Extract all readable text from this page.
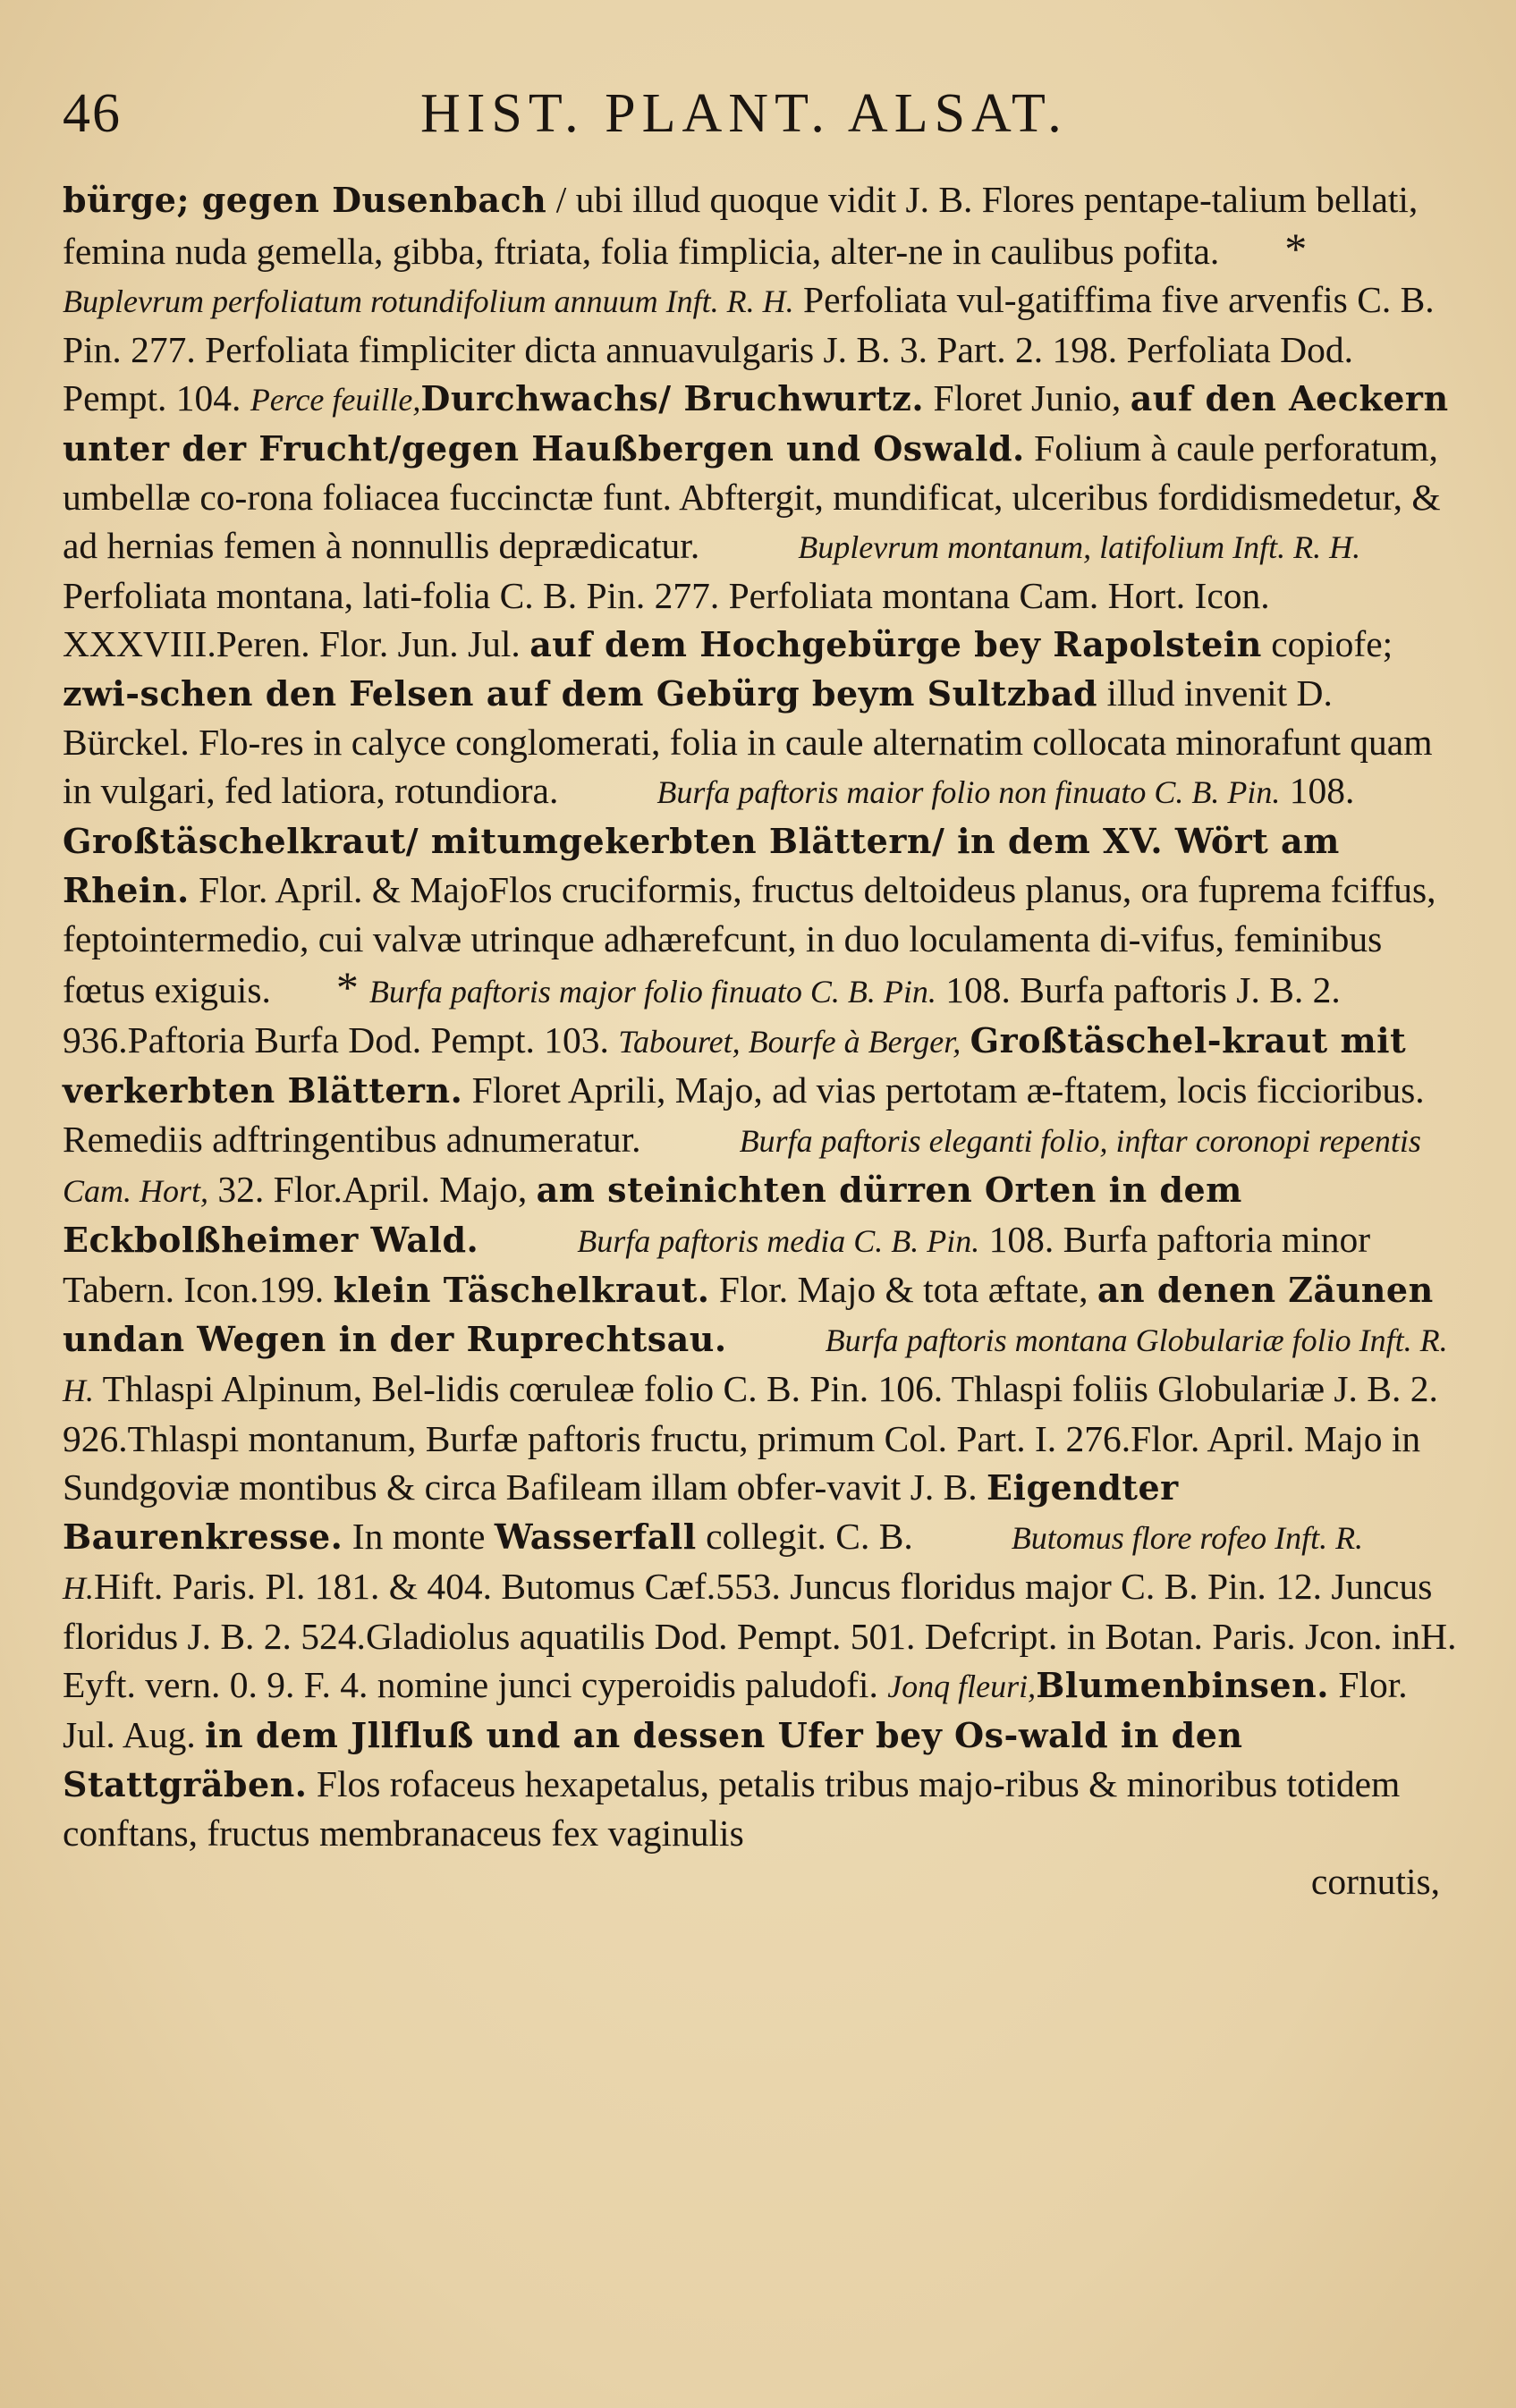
46	HIST. PLANT. ALSAT.
bürge; gegen Dusenbach / ubi illud quoque vidit J. B. Flores pentape-talium bellati, femina nuda gemella, gibba, ftriata, folia fimplicia, alter-ne in caulibus pofita. *Buplevrum perfoliatum rotundifolium annuum Inft. R. H. Perfoliata vul-gatiffima five arvenfis C. B. Pin. 277. Perfoliata fimpliciter dicta annuavulgaris J. B. 3. Part. 2. 198. Perfoliata Dod. Pempt. 104. Perce feuille,Durchwachs/ Bruchwurtz. Floret Junio, auf den Aeckern unter der Frucht/gegen Haußbergen und Oswald. Folium à caule perforatum, umbellæ co-rona foliacea fuccinctæ funt. Abftergit, mundificat, ulceribus fordidismedetur, & ad hernias femen à nonnullis deprædicatur.	Buplevrum montanum, latifolium Inft. R. H. Perfoliata montana, lati-folia C. B. Pin. 277. Perfoliata montana Cam. Hort. Icon. XXXVIII.Peren. Flor. Jun. Jul. auf dem Hochgebürge bey Rapolstein copiofe; zwi-schen den Felsen auf dem Gebürg beym Sultzbad illud invenit D. Bürckel. Flo-res in calyce conglomerati, folia in caule alternatim collocata minorafunt quam in vulgari, fed latiora, rotundiora.	Burfa paftoris maior folio non finuato C. B. Pin. 108. Großtäschelkraut/ mitumgekerbten Blättern/ in dem XV. Wört am Rhein. Flor. April. & MajoFlos cruciformis, fructus deltoideus planus, ora fuprema fciffus, feptointermedio, cui valvæ utrinque adhærefcunt, in duo loculamenta di-vifus, feminibus fœtus exiguis. * Burfa paftoris major folio finuato C. B. Pin. 108. Burfa paftoris J. B. 2. 936.Paftoria Burfa Dod. Pempt. 103. Tabouret, Bourfe à Berger, Großtäschel-kraut mit verkerbten Blättern. Floret Aprili, Majo, ad vias pertotam æ-ftatem, locis ficcioribus. Remediis adftringentibus adnumeratur.	Burfa paftoris eleganti folio, inftar coronopi repentis Cam. Hort, 32. Flor.April. Majo, am steinichten dürren Orten in dem Eckbolßheimer Wald.	Burfa paftoris media C. B. Pin. 108. Burfa paftoria minor Tabern. Icon.199. klein Täschelkraut. Flor. Majo & tota æftate, an denen Zäunen undan Wegen in der Ruprechtsau.	Burfa paftoris montana Globulariæ folio Inft. R. H. Thlaspi Alpinum, Bel-lidis cœruleæ folio C. B. Pin. 106. Thlaspi foliis Globulariæ J. B. 2. 926.Thlaspi montanum, Burfæ paftoris fructu, primum Col. Part. I. 276.Flor. April. Majo in Sundgoviæ montibus & circa Bafileam illam obfer-vavit J. B. Eigendter Baurenkresse. In monte Wasserfall collegit. C. B.	Butomus flore rofeo Inft. R. H.Hift. Paris. Pl. 181. & 404. Butomus Cæf.553. Juncus floridus major C. B. Pin. 12. Juncus floridus J. B. 2. 524.Gladiolus aquatilis Dod. Pempt. 501. Defcript. in Botan. Paris. Jcon. inH. Eyft. vern. 0. 9. F. 4. nomine junci cyperoidis paludofi. Jonq fleuri,Blumenbinsen. Flor. Jul. Aug. in dem Jllfluß und an dessen Ufer bey Os-wald in den Stattgräben. Flos rofaceus hexapetalus, petalis tribus majo-ribus & minoribus totidem conftans, fructus membranaceus fex vaginulis
cornutis,
